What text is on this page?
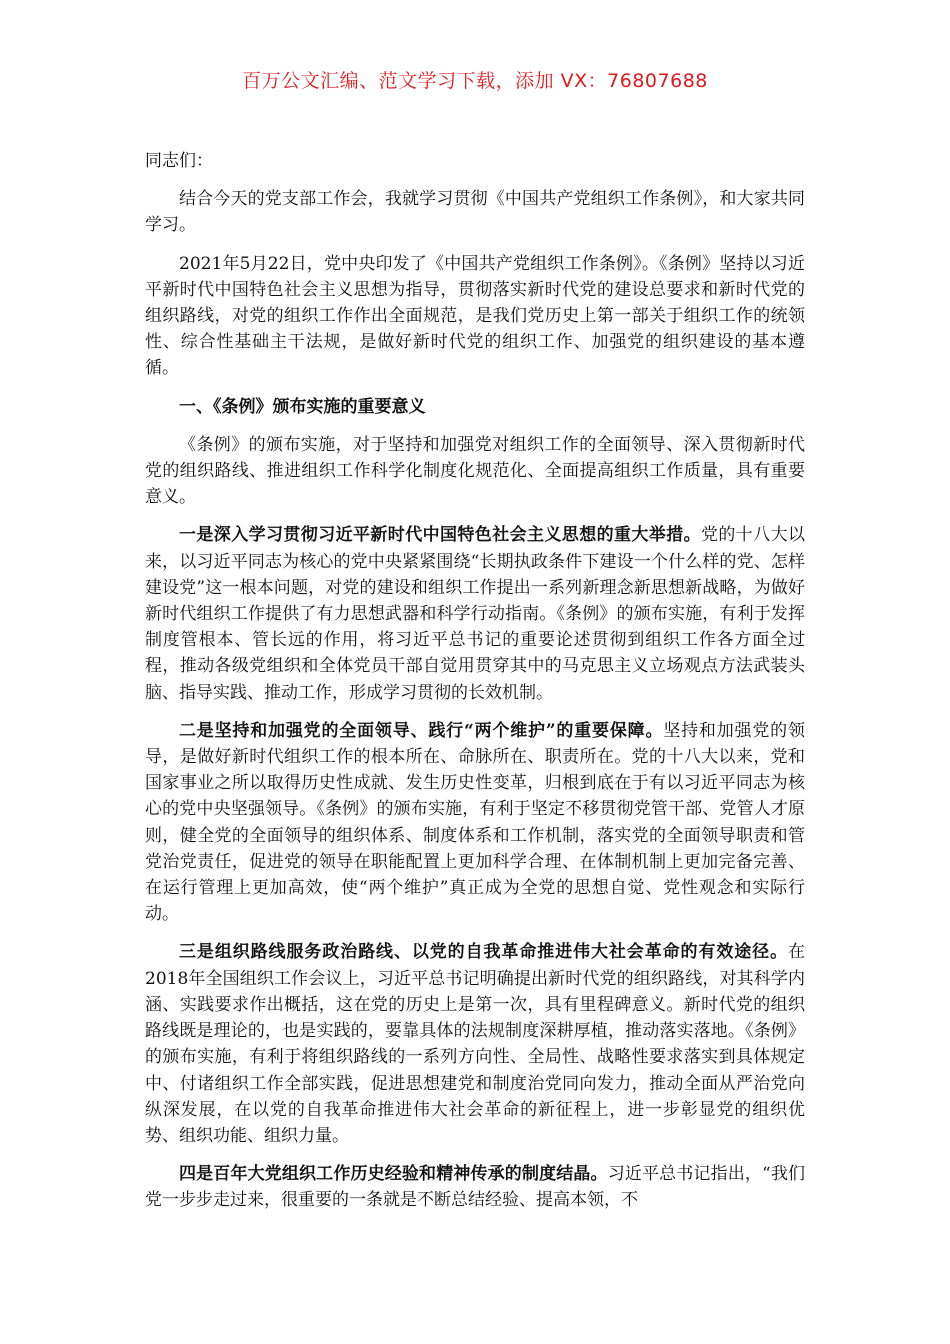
百万公文汇编、范文学习下载，添加 VX：76807688

同志们：

结合今天的党支部工作会，我就学习贯彻《中国共产党组织工作条例》，和大家共同学习。

2021年5月22日，党中央印发了《中国共产党组织工作条例》。《条例》坚持以习近平新时代中国特色社会主义思想为指导，贯彻落实新时代党的建设总要求和新时代党的组织路线，对党的组织工作作出全面规范，是我们党历史上第一部关于组织工作的统领性、综合性基础主干法规，是做好新时代党的组织工作、加强党的组织建设的基本遵循。

一、《条例》颁布实施的重要意义

《条例》的颁布实施，对于坚持和加强党对组织工作的全面领导、深入贯彻新时代党的组织路线、推进组织工作科学化制度化规范化、全面提高组织工作质量，具有重要意义。

一是深入学习贯彻习近平新时代中国特色社会主义思想的重大举措。党的十八大以来，以习近平同志为核心的党中央紧紧围绕“长期执政条件下建设一个什么样的党、怎样建设党”这一根本问题，对党的建设和组织工作提出一系列新理念新思想新战略，为做好新时代组织工作提供了有力思想武器和科学行动指南。《条例》的颁布实施，有利于发挥制度管根本、管长远的作用，将习近平总书记的重要论述贯彻到组织工作各方面全过程，推动各级党组织和全体党员干部自觉用贯穿其中的马克思主义立场观点方法武装头脑、指导实践、推动工作，形成学习贯彻的长效机制。

二是坚持和加强党的全面领导、践行“两个维护”的重要保障。坚持和加强党的领导，是做好新时代组织工作的根本所在、命脉所在、职责所在。党的十八大以来，党和国家事业之所以取得历史性成就、发生历史性变革，归根到底在于有以习近平同志为核心的党中央坚强领导。《条例》的颁布实施，有利于坚定不移贯彻党管干部、党管人才原则，健全党的全面领导的组织体系、制度体系和工作机制，落实党的全面领导职责和管党治党责任，促进党的领导在职能配置上更加科学合理、在体制机制上更加完备完善、在运行管理上更加高效，使“两个维护”真正成为全党的思想自觉、党性观念和实际行动。

三是组织路线服务政治路线、以党的自我革命推进伟大社会革命的有效途径。在2018年全国组织工作会议上，习近平总书记明确提出新时代党的组织路线，对其科学内涵、实践要求作出概括，这在党的历史上是第一次，具有里程碑意义。新时代党的组织路线既是理论的，也是实践的，要靠具体的法规制度深耕厚植，推动落实落地。《条例》的颁布实施，有利于将组织路线的一系列方向性、全局性、战略性要求落实到具体规定中、付诸组织工作全部实践，促进思想建党和制度治党同向发力，推动全面从严治党向纵深发展，在以党的自我革命推进伟大社会革命的新征程上，进一步彰显党的组织优势、组织功能、组织力量。

四是百年大党组织工作历史经验和精神传承的制度结晶。习近平总书记指出，“我们党一步步走过来，很重要的一条就是不断总结经验、提高本领，不
